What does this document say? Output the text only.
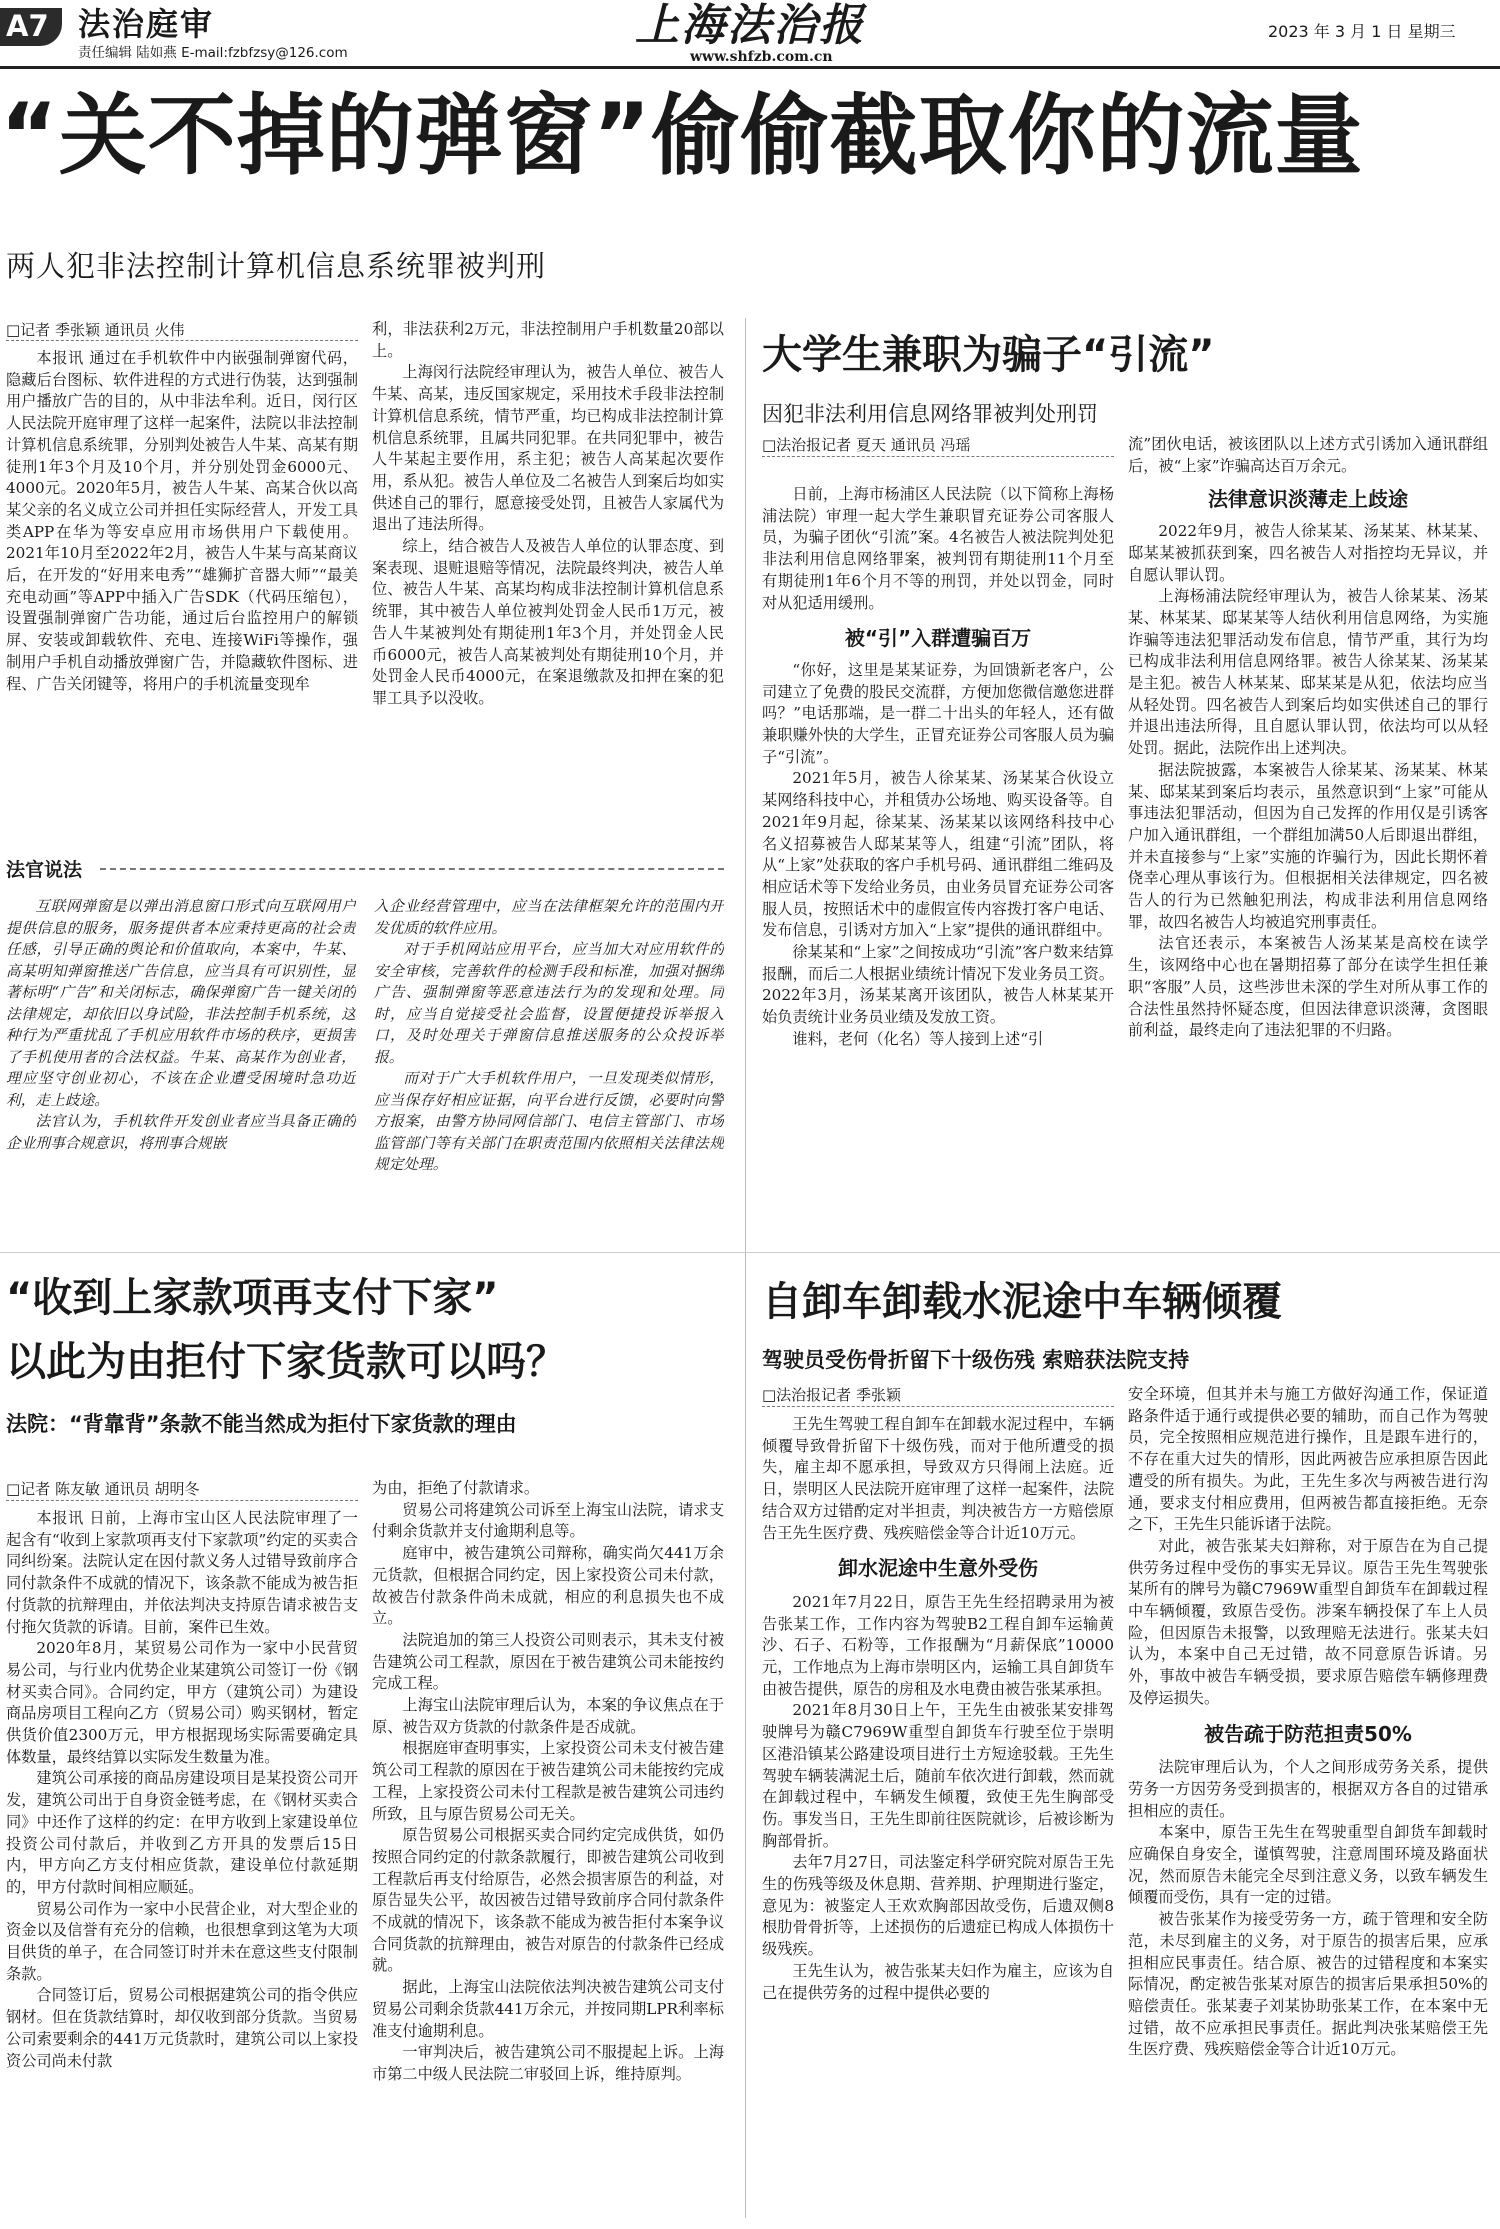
A7 法治庭审
责任编辑 陆如燕 E-mail:fzbfzsy@126.com
上海法治报
www.shfzb.com.cn
2023 年 3 月 1 日 星期三
“关不掉的弹窗”偷偷截取你的流量
两人犯非法控制计算机信息系统罪被判刑
□记者 季张颖 通讯员 火伟

本报讯 通过在手机软件中内嵌强制弹窗代码，隐藏后台图标、软件进程的方式进行伪装，达到强制用户播放广告的目的，从中非法牟利。近日，闵行区人民法院开庭审理了这样一起案件，法院以非法控制计算机信息系统罪，分别判处被告人牛某、高某有期徒刑1年3个月及10个月，并分别处罚金6000元、4000元。2020年5月，被告人牛某、高某合伙以高某父亲的名义成立公司并担任实际经营人，开发工具类APP在华为等安卓应用市场供用户下载使用。2021年10月至2022年2月，被告人牛某与高某商议后，在开发的“好用来电秀”“雄狮扩音器大师”“最美充电动画”等APP中插入广告SDK（代码压缩包），设置强制弹窗广告功能，通过后台监控用户的解锁屏、安装或卸载软件、充电、连接WiFi等操作，强制用户手机自动播放弹窗广告，并隐藏软件图标、进程、广告关闭键等，将用户的手机流量变现牟

利，非法获利2万元，非法控制用户手机数量20部以上。

上海闵行法院经审理认为，被告人单位、被告人牛某、高某，违反国家规定，采用技术手段非法控制计算机信息系统，情节严重，均已构成非法控制计算机信息系统罪，且属共同犯罪。在共同犯罪中，被告人牛某起主要作用，系主犯；被告人高某起次要作用，系从犯。被告人单位及二名被告人到案后均如实供述自己的罪行，愿意接受处罚，且被告人家属代为退出了违法所得。

综上，结合被告人及被告人单位的认罪态度、到案表现、退赃退赔等情况，法院最终判决，被告人单位、被告人牛某、高某均构成非法控制计算机信息系统罪，其中被告人单位被判处罚金人民币1万元，被告人牛某被判处有期徒刑1年3个月，并处罚金人民币6000元，被告人高某被判处有期徒刑10个月，并处罚金人民币4000元，在案退缴款及扣押在案的犯罪工具予以没收。

法官说法

互联网弹窗是以弹出消息窗口形式向互联网用户提供信息的服务，服务提供者本应秉持更高的社会责任感，引导正确的舆论和价值取向，本案中，牛某、高某明知弹窗推送广告信息，应当具有可识别性，显著标明“广告”和关闭标志，确保弹窗广告一键关闭的法律规定，却依旧以身试险，非法控制手机系统，这种行为严重扰乱了手机应用软件市场的秩序，更损害了手机使用者的合法权益。牛某、高某作为创业者，理应坚守创业初心，不该在企业遭受困境时急功近利，走上歧途。

法官认为，手机软件开发创业者应当具备正确的企业刑事合规意识，将刑事合规嵌

入企业经营管理中，应当在法律框架允许的范围内开发优质的软件应用。

对于手机网站应用平台，应当加大对应用软件的安全审核，完善软件的检测手段和标准，加强对捆绑广告、强制弹窗等恶意违法行为的发现和处理。同时，应当自觉接受社会监督，设置便捷投诉举报入口，及时处理关于弹窗信息推送服务的公众投诉举报。

而对于广大手机软件用户，一旦发现类似情形，应当保存好相应证据，向平台进行反馈，必要时向警方报案，由警方协同网信部门、电信主管部门、市场监管部门等有关部门在职责范围内依照相关法律法规规定处理。

大学生兼职为骗子“引流”
因犯非法利用信息网络罪被判处刑罚
□法治报记者 夏天 通讯员 冯瑶

日前，上海市杨浦区人民法院（以下简称上海杨浦法院）审理一起大学生兼职冒充证券公司客服人员，为骗子团伙“引流”案。4名被告人被法院判处犯非法利用信息网络罪案，被判罚有期徒刑11个月至有期徒刑1年6个月不等的刑罚，并处以罚金，同时对从犯适用缓刑。

被“引”入群遭骗百万

“你好，这里是某某证券，为回馈新老客户，公司建立了免费的股民交流群，方便加您微信邀您进群吗？”电话那端，是一群二十出头的年轻人，还有做兼职赚外快的大学生，正冒充证券公司客服人员为骗子“引流”。

2021年5月，被告人徐某某、汤某某合伙设立某网络科技中心，并租赁办公场地、购买设备等。自2021年9月起，徐某某、汤某某以该网络科技中心名义招募被告人邸某某等人，组建“引流”团队，将从“上家”处获取的客户手机号码、通讯群组二维码及相应话术等下发给业务员，由业务员冒充证券公司客服人员，按照话术中的虚假宣传内容拨打客户电话、发布信息，引诱对方加入“上家”提供的通讯群组中。

徐某某和“上家”之间按成功“引流”客户数来结算报酬，而后二人根据业绩统计情况下发业务员工资。2022年3月，汤某某离开该团队，被告人林某某开始负责统计业务员业绩及发放工资。

谁料，老何（化名）等人接到上述“引

流”团伙电话，被该团队以上述方式引诱加入通讯群组后，被“上家”诈骗高达百万余元。

法律意识淡薄走上歧途

2022年9月，被告人徐某某、汤某某、林某某、邸某某被抓获到案，四名被告人对指控均无异议，并自愿认罪认罚。

上海杨浦法院经审理认为，被告人徐某某、汤某某、林某某、邸某某等人结伙利用信息网络，为实施诈骗等违法犯罪活动发布信息，情节严重，其行为均已构成非法利用信息网络罪。被告人徐某某、汤某某是主犯。被告人林某某、邸某某是从犯，依法均应当从轻处罚。四名被告人到案后均如实供述自己的罪行并退出违法所得，且自愿认罪认罚，依法均可以从轻处罚。据此，法院作出上述判决。

据法院披露，本案被告人徐某某、汤某某、林某某、邸某某到案后均表示，虽然意识到“上家”可能从事违法犯罪活动，但因为自己发挥的作用仅是引诱客户加入通讯群组，一个群组加满50人后即退出群组，并未直接参与“上家”实施的诈骗行为，因此长期怀着侥幸心理从事该行为。但根据相关法律规定，四名被告人的行为已然触犯刑法，构成非法利用信息网络罪，故四名被告人均被追究刑事责任。

法官还表示，本案被告人汤某某是高校在读学生，该网络中心也在暑期招募了部分在读学生担任兼职“客服”人员，这些涉世未深的学生对所从事工作的合法性虽然持怀疑态度，但因法律意识淡薄，贪图眼前利益，最终走向了违法犯罪的不归路。

“收到上家款项再支付下家”
以此为由拒付下家货款可以吗？
法院：“背靠背”条款不能当然成为拒付下家货款的理由
□记者 陈友敏 通讯员 胡明冬

本报讯 日前，上海市宝山区人民法院审理了一起含有“收到上家款项再支付下家款项”约定的买卖合同纠纷案。法院认定在因付款义务人过错导致前序合同付款条件不成就的情况下，该条款不能成为被告拒付货款的抗辩理由，并依法判决支持原告请求被告支付拖欠货款的诉请。目前，案件已生效。

2020年8月，某贸易公司作为一家中小民营贸易公司，与行业内优势企业某建筑公司签订一份《钢材买卖合同》。合同约定，甲方（建筑公司）为建设商品房项目工程向乙方（贸易公司）购买钢材，暂定供货价值2300万元，甲方根据现场实际需要确定具体数量，最终结算以实际发生数量为准。

建筑公司承接的商品房建设项目是某投资公司开发，建筑公司出于自身资金链考虑，在《钢材买卖合同》中还作了这样的约定：在甲方收到上家建设单位投资公司付款后，并收到乙方开具的发票后15日内，甲方向乙方支付相应货款，建设单位付款延期的，甲方付款时间相应顺延。

贸易公司作为一家中小民营企业，对大型企业的资金以及信誉有充分的信赖，也很想拿到这笔为大项目供货的单子，在合同签订时并未在意这些支付限制条款。

合同签订后，贸易公司根据建筑公司的指令供应钢材。但在货款结算时，却仅收到部分货款。当贸易公司索要剩余的441万元货款时，建筑公司以上家投资公司尚未付款

为由，拒绝了付款请求。

贸易公司将建筑公司诉至上海宝山法院，请求支付剩余货款并支付逾期利息等。

庭审中，被告建筑公司辩称，确实尚欠441万余元货款，但根据合同约定，因上家投资公司未付款，故被告付款条件尚未成就，相应的利息损失也不成立。

法院追加的第三人投资公司则表示，其未支付被告建筑公司工程款，原因在于被告建筑公司未能按约完成工程。

上海宝山法院审理后认为，本案的争议焦点在于原、被告双方货款的付款条件是否成就。

根据庭审查明事实，上家投资公司未支付被告建筑公司工程款的原因在于被告建筑公司未能按约完成工程，上家投资公司未付工程款是被告建筑公司违约所致，且与原告贸易公司无关。

原告贸易公司根据买卖合同约定完成供货，如仍按照合同约定的付款条款履行，即被告建筑公司收到工程款后再支付给原告，必然会损害原告的利益，对原告显失公平，故因被告过错导致前序合同付款条件不成就的情况下，该条款不能成为被告拒付本案争议合同货款的抗辩理由，被告对原告的付款条件已经成就。

据此，上海宝山法院依法判决被告建筑公司支付贸易公司剩余货款441万余元，并按同期LPR利率标准支付逾期利息。

一审判决后，被告建筑公司不服提起上诉。上海市第二中级人民法院二审驳回上诉，维持原判。

自卸车卸载水泥途中车辆倾覆
驾驶员受伤骨折留下十级伤残 索赔获法院支持
□法治报记者 季张颖

王先生驾驶工程自卸车在卸载水泥过程中，车辆倾覆导致骨折留下十级伤残，而对于他所遭受的损失，雇主却不愿承担，导致双方只得闹上法庭。近日，崇明区人民法院开庭审理了这样一起案件，法院结合双方过错酌定对半担责，判决被告方一方赔偿原告王先生医疗费、残疾赔偿金等合计近10万元。

卸水泥途中生意外受伤

2021年7月22日，原告王先生经招聘录用为被告张某工作，工作内容为驾驶B2工程自卸车运输黄沙、石子、石粉等，工作报酬为“月薪保底”10000元，工作地点为上海市崇明区内，运输工具自卸货车由被告提供，原告的房租及水电费由被告张某承担。

2021年8月30日上午，王先生由被张某安排驾驶牌号为赣C7969W重型自卸货车行驶至位于崇明区港沿镇某公路建设项目进行土方短途驳载。王先生驾驶车辆装满泥土后，随前车依次进行卸载，然而就在卸载过程中，车辆发生倾覆，致使王先生胸部受伤。事发当日，王先生即前往医院就诊，后被诊断为胸部骨折。

去年7月27日，司法鉴定科学研究院对原告王先生的伤残等级及休息期、营养期、护理期进行鉴定，意见为：被鉴定人王欢欢胸部因故受伤，后遗双侧8根肋骨骨折等，上述损伤的后遗症已构成人体损伤十级残疾。

王先生认为，被告张某夫妇作为雇主，应该为自己在提供劳务的过程中提供必要的

安全环境，但其并未与施工方做好沟通工作，保证道路条件适于通行或提供必要的辅助，而自己作为驾驶员，完全按照相应规范进行操作，且是跟车进行的，不存在重大过失的情形，因此两被告应承担原告因此遭受的所有损失。为此，王先生多次与两被告进行沟通，要求支付相应费用，但两被告都直接拒绝。无奈之下，王先生只能诉诸于法院。

对此，被告张某夫妇辩称，对于原告在为自己提供劳务过程中受伤的事实无异议。原告王先生驾驶张某所有的牌号为赣C7969W重型自卸货车在卸载过程中车辆倾覆，致原告受伤。涉案车辆投保了车上人员险，但因原告未报警，以致理赔无法进行。张某夫妇认为，本案中自己无过错，故不同意原告诉请。另外，事故中被告车辆受损，要求原告赔偿车辆修理费及停运损失。

被告疏于防范担责50%

法院审理后认为，个人之间形成劳务关系，提供劳务一方因劳务受到损害的，根据双方各自的过错承担相应的责任。

本案中，原告王先生在驾驶重型自卸货车卸载时应确保自身安全，谨慎驾驶，注意周围环境及路面状况，然而原告未能完全尽到注意义务，以致车辆发生倾覆而受伤，具有一定的过错。

被告张某作为接受劳务一方，疏于管理和安全防范，未尽到雇主的义务，对于原告的损害后果，应承担相应民事责任。结合原、被告的过错程度和本案实际情况，酌定被告张某对原告的损害后果承担50%的赔偿责任。张某妻子刘某协助张某工作，在本案中无过错，故不应承担民事责任。据此判决张某赔偿王先生医疗费、残疾赔偿金等合计近10万元。
